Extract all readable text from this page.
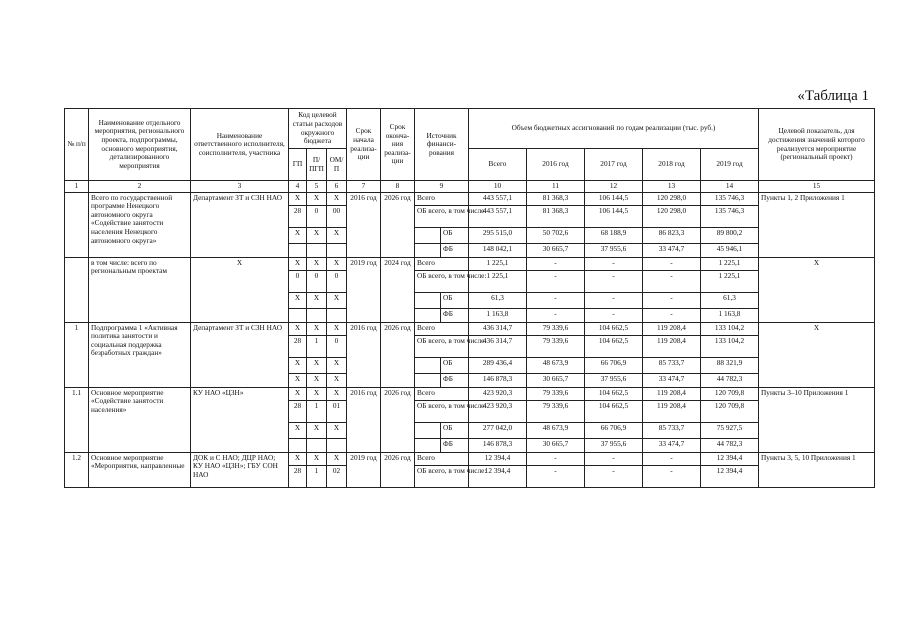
«Таблица 1
№ п/п	Наименование отдельного мероприятия, регионального проекта, подпрограммы, основного мероприятия, детализированного мероприятия	Наименование ответственного исполнителя, соисполнителя, участника	Код целевой статьи расходов окружного бюджета			Срок начала реализа-ции	Срок оконча-ния реализа-ции	Источник финанси-рования		Объем бюджетных ассигнований по годам реализации (тыс. руб.)					Целевой показатель, для достижения значений которого реализуется мероприятие (региональный проект)
			ГП	П/ ПГП	ОМ/ П					Всего	2016 год	2017 год	2018 год	2019 год	
1	2	3	4	5	6	7	8	9		10	11	12	13	14	15
	Всего по государственной программе Ненецкого автономного округа «Содействие занятости населения Ненецкого автономного округа»	Департамент ЗТ и СЗН НАО	X	X	X	2016 год	2026 год	Всего		443 557,1	81 368,3	106 144,5	120 298,0	135 746,3	Пункты 1, 2 Приложения 1
			28	0	00			ОБ всего, в том числе:		443 557,1	81 368,3	106 144,5	120 298,0	135 746,3	
			X	X	X				ОБ	295 515,0	50 702,6	68 188,9	86 823,3	89 800,2	
									ФБ	148 042,1	30 665,7	37 955,6	33 474,7	45 946,1	
	в том числе: всего по региональным проектам	X	X	X	X	2019 год	2024 год	Всего		1 225,1	-	-	-	1 225,1	X
			0	0	0			ОБ всего, в том числе:		1 225,1	-	-	-	1 225,1	
			X	X	X				ОБ	61,3	-	-	-	61,3	
									ФБ	1 163,8	-	-	-	1 163,8	
1	Подпрограмма 1 «Активная политика занятости и социальная поддержка безработных граждан»	Департамент ЗТ и СЗН НАО	X	X	X	2016 год	2026 год	Всего		436 314,7	79 339,6	104 662,5	119 208,4	133 104,2	X
			28	1	0			ОБ всего, в том числе:		436 314,7	79 339,6	104 662,5	119 208,4	133 104,2	
			X	X	X				ОБ	289 436,4	48 673,9	66 706,9	85 733,7	88 321,9	
			X	X	X				ФБ	146 878,3	30 665,7	37 955,6	33 474,7	44 782,3	
1.1	Основное мероприятие «Содействие занятости населения»	КУ НАО «ЦЗН»	X	X	X	2016 год	2026 год	Всего		423 920,3	79 339,6	104 662,5	119 208,4	120 709,8	Пункты 3–10 Приложения 1
			28	1	01			ОБ всего, в том числе:		423 920,3	79 339,6	104 662,5	119 208,4	120 709,8	
			X	X	X				ОБ	277 042,0	48 673,9	66 706,9	85 733,7	75 927,5	
									ФБ	146 878,3	30 665,7	37 955,6	33 474,7	44 782,3	
1.2	Основное мероприятие «Мероприятия, направленные	ДОК и С НАО; ДЦР НАО; КУ НАО «ЦЗН»; ГБУ СОН НАО	X	X	X	2019 год	2026 год	Всего		12 394,4	-	-	-	12 394,4	Пункты 3, 5, 10 Приложения 1
			28	1	02			ОБ всего, в том числе:		12 394,4	-	-	-	12 394,4	
